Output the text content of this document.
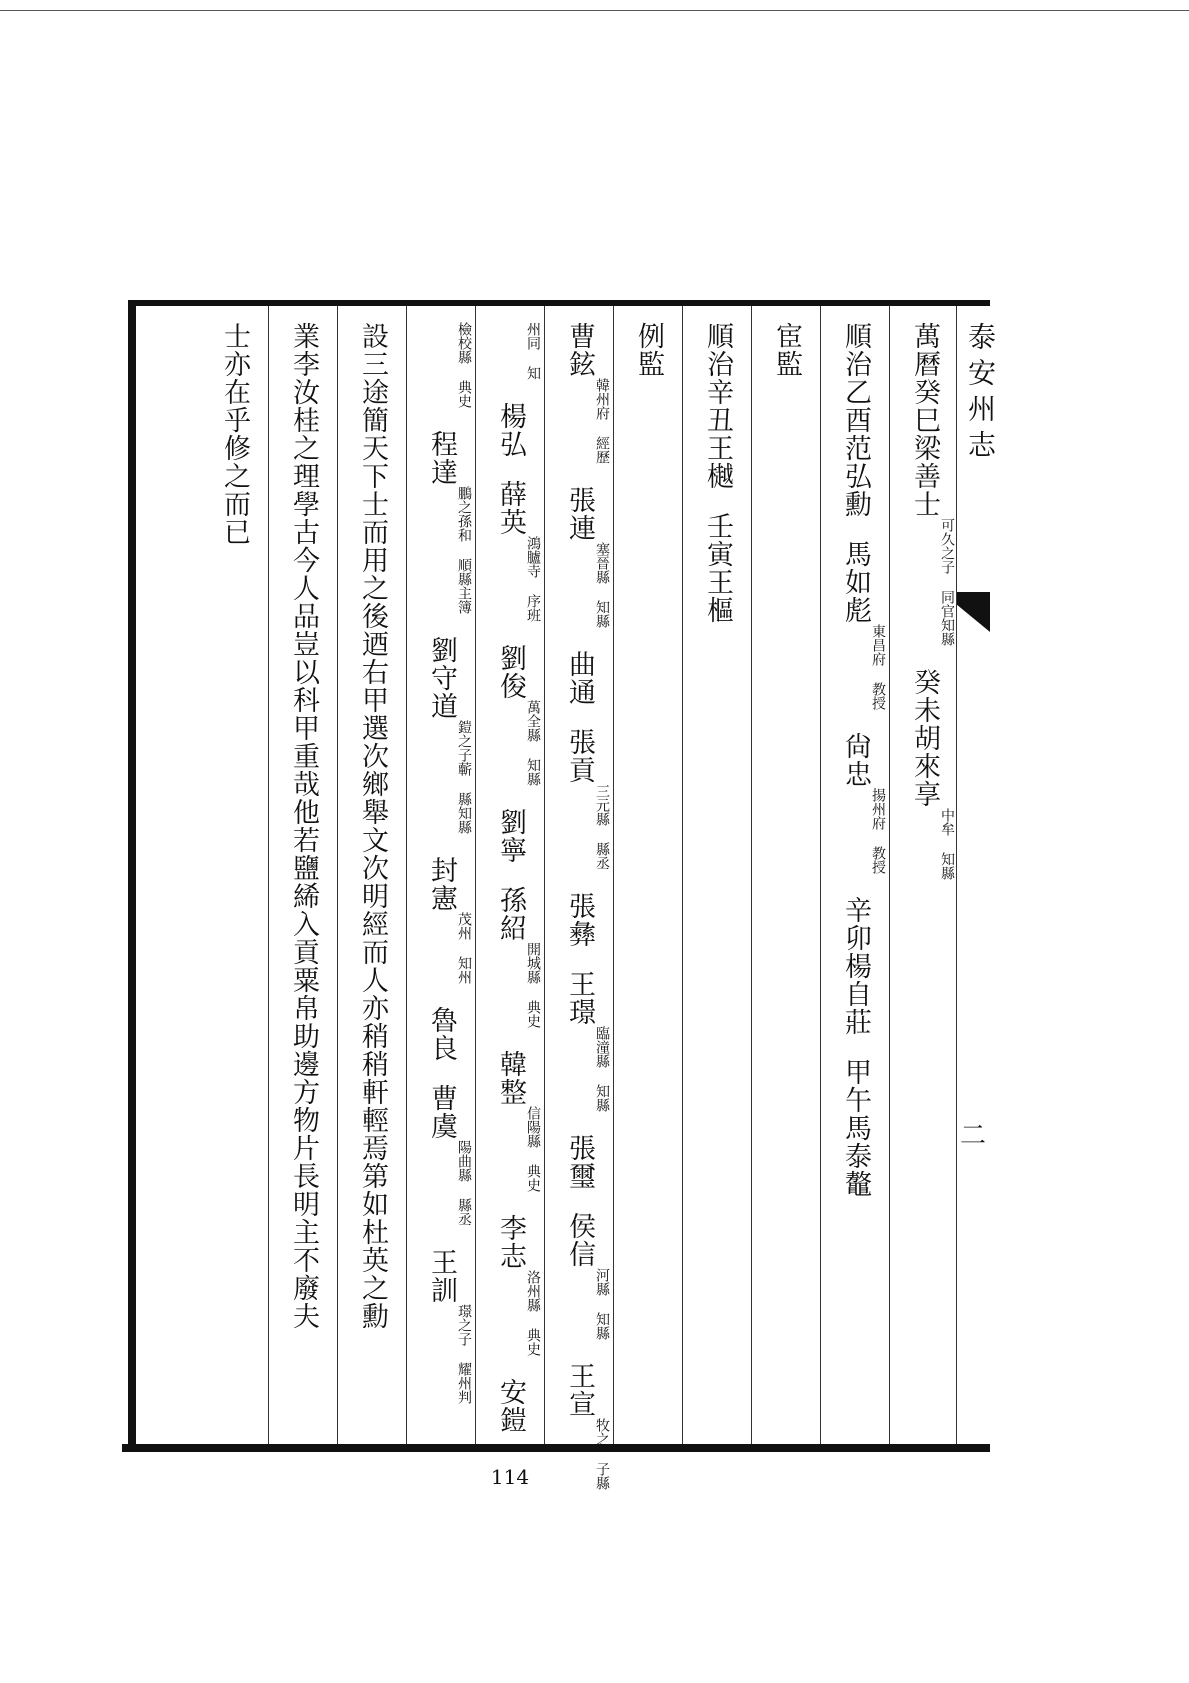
泰安州志
二
萬曆癸巳梁善士可久之子 同官知縣癸未胡來享中牟 知縣
順治乙酉范弘勳馬如彪東昌府 教授尙忠揚州府 教授辛卯楊自莊甲午馬泰鼇
宦監
順治辛丑王樾壬寅王樞
例監
曹鉉韓州府 經歷張連塞晉縣 知縣曲通張貢三元縣 縣丞張彝王璟臨潼縣 知縣張璽侯信河縣 知縣王宣牧之 子縣
州同 知楊弘薛英鴻臚寺 序班劉俊萬全縣 知縣劉寧孫紹開城縣 典史韓整信陽縣 典史李志洛州縣 典史安鎧
檢校縣 典史程達鵬之孫和 順縣主簿劉守道鎧之子蘄 縣知縣封憲茂州 知州魯良曹虞陽曲縣 縣丞王訓璟之子 耀州判
設三途簡天下士而用之後迺右甲選次鄉舉文次明經而人亦稍稍軒輕焉第如杜英之勳
業李汝桂之理學古今人品豈以科甲重哉他若鹽絺入貢粟帛助邊方物片長明主不廢夫
士亦在乎修之而已
114
